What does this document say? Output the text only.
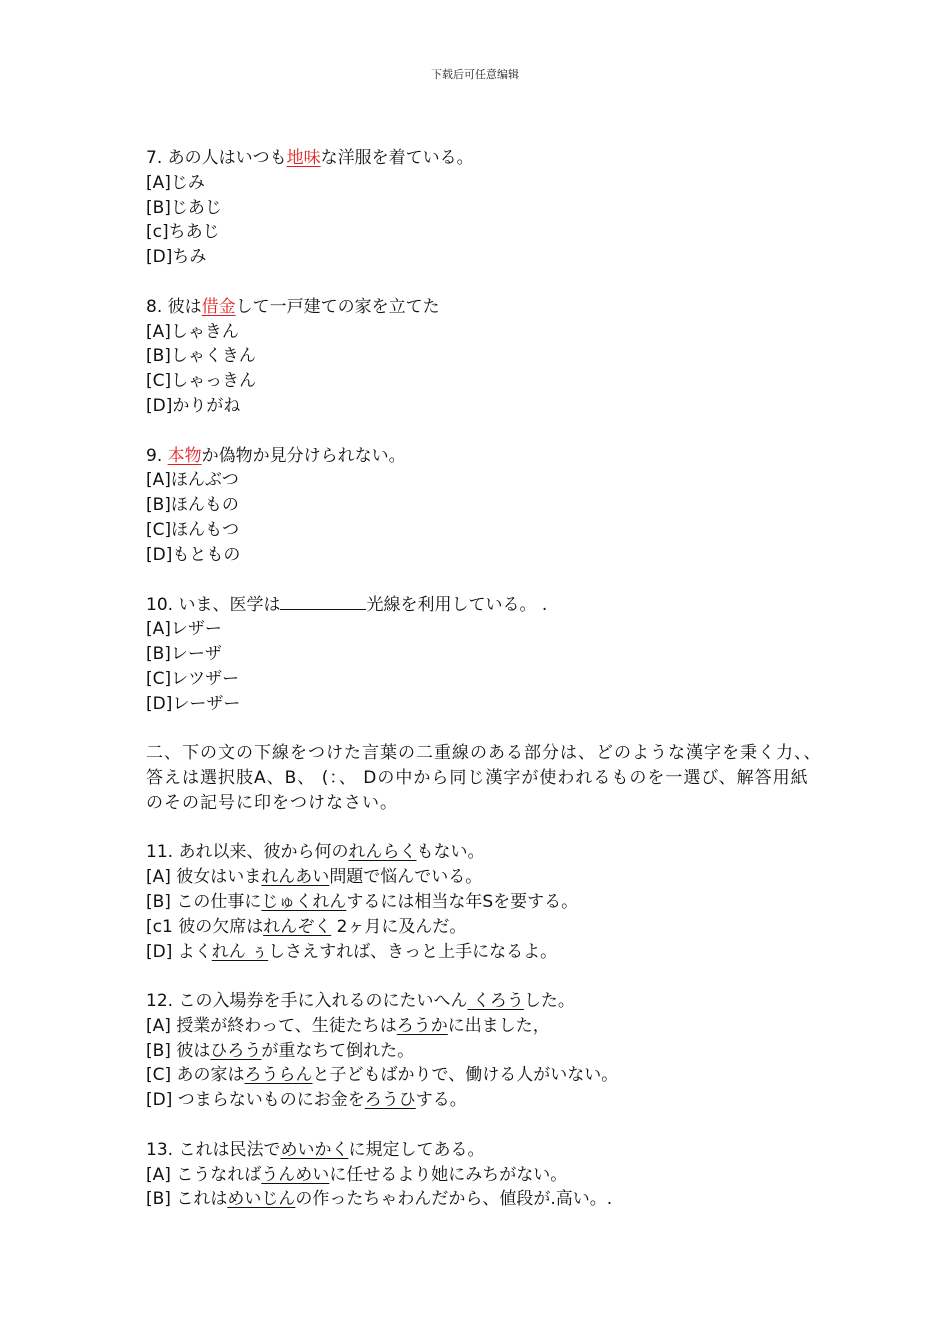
下载后可任意编辑
7. あの人はいつも地味な洋服を着ている。
[A]じみ
[B]じあじ
[c]ちあじ
[D]ちみ
8. 彼は借金して一戸建ての家を立てた
[A]しゃきん
[B]しゃくきん
[C]しゃっきん
[D]かりがね
9. 本物か偽物か見分けられない。
[A]ほんぶつ
[B]ほんもの
[C]ほんもつ
[D]もともの
10. いま、医学は	光線を利用している。 .
[A]レザー
[B]レーザ
[C]レツザー
[D]レーザー
二、下の文の下線をつけた言葉の二重線のある部分は、どのような漢字を秉く力、、答えは選択肢A、B、 (：、 Dの中から同じ漢字が使われるものを一選び、解答用紙のその記号に印をつけなさい。
11. あれ以来、彼から何のれんらくもない。
[A] 彼女はいまれんあい問題で悩んでいる。
[B] この仕事にじゅくれんするには相当な年Sを要する。
[c1 彼の欠席はれんぞく 2ヶ月に及んだ。
[D] よくれん ぅしさえすれば、きっと上手になるよ。
12. この入場券を手に入れるのにたいへん くろうした。
[A] 授業が終わって、生徒たちはろうかに出ました，
[B] 彼はひろうが重なちて倒れた。
[C] あの家はろうらんと子どもばかりで、働ける人がいない。
[D] つまらないものにお金をろうひする。
13. これは民法でめいかくに規定してある。
[A] こうなればうんめいに任せるより她にみちがない。
[B] これはめいじんの作ったちゃわんだから、値段が.高い。.
